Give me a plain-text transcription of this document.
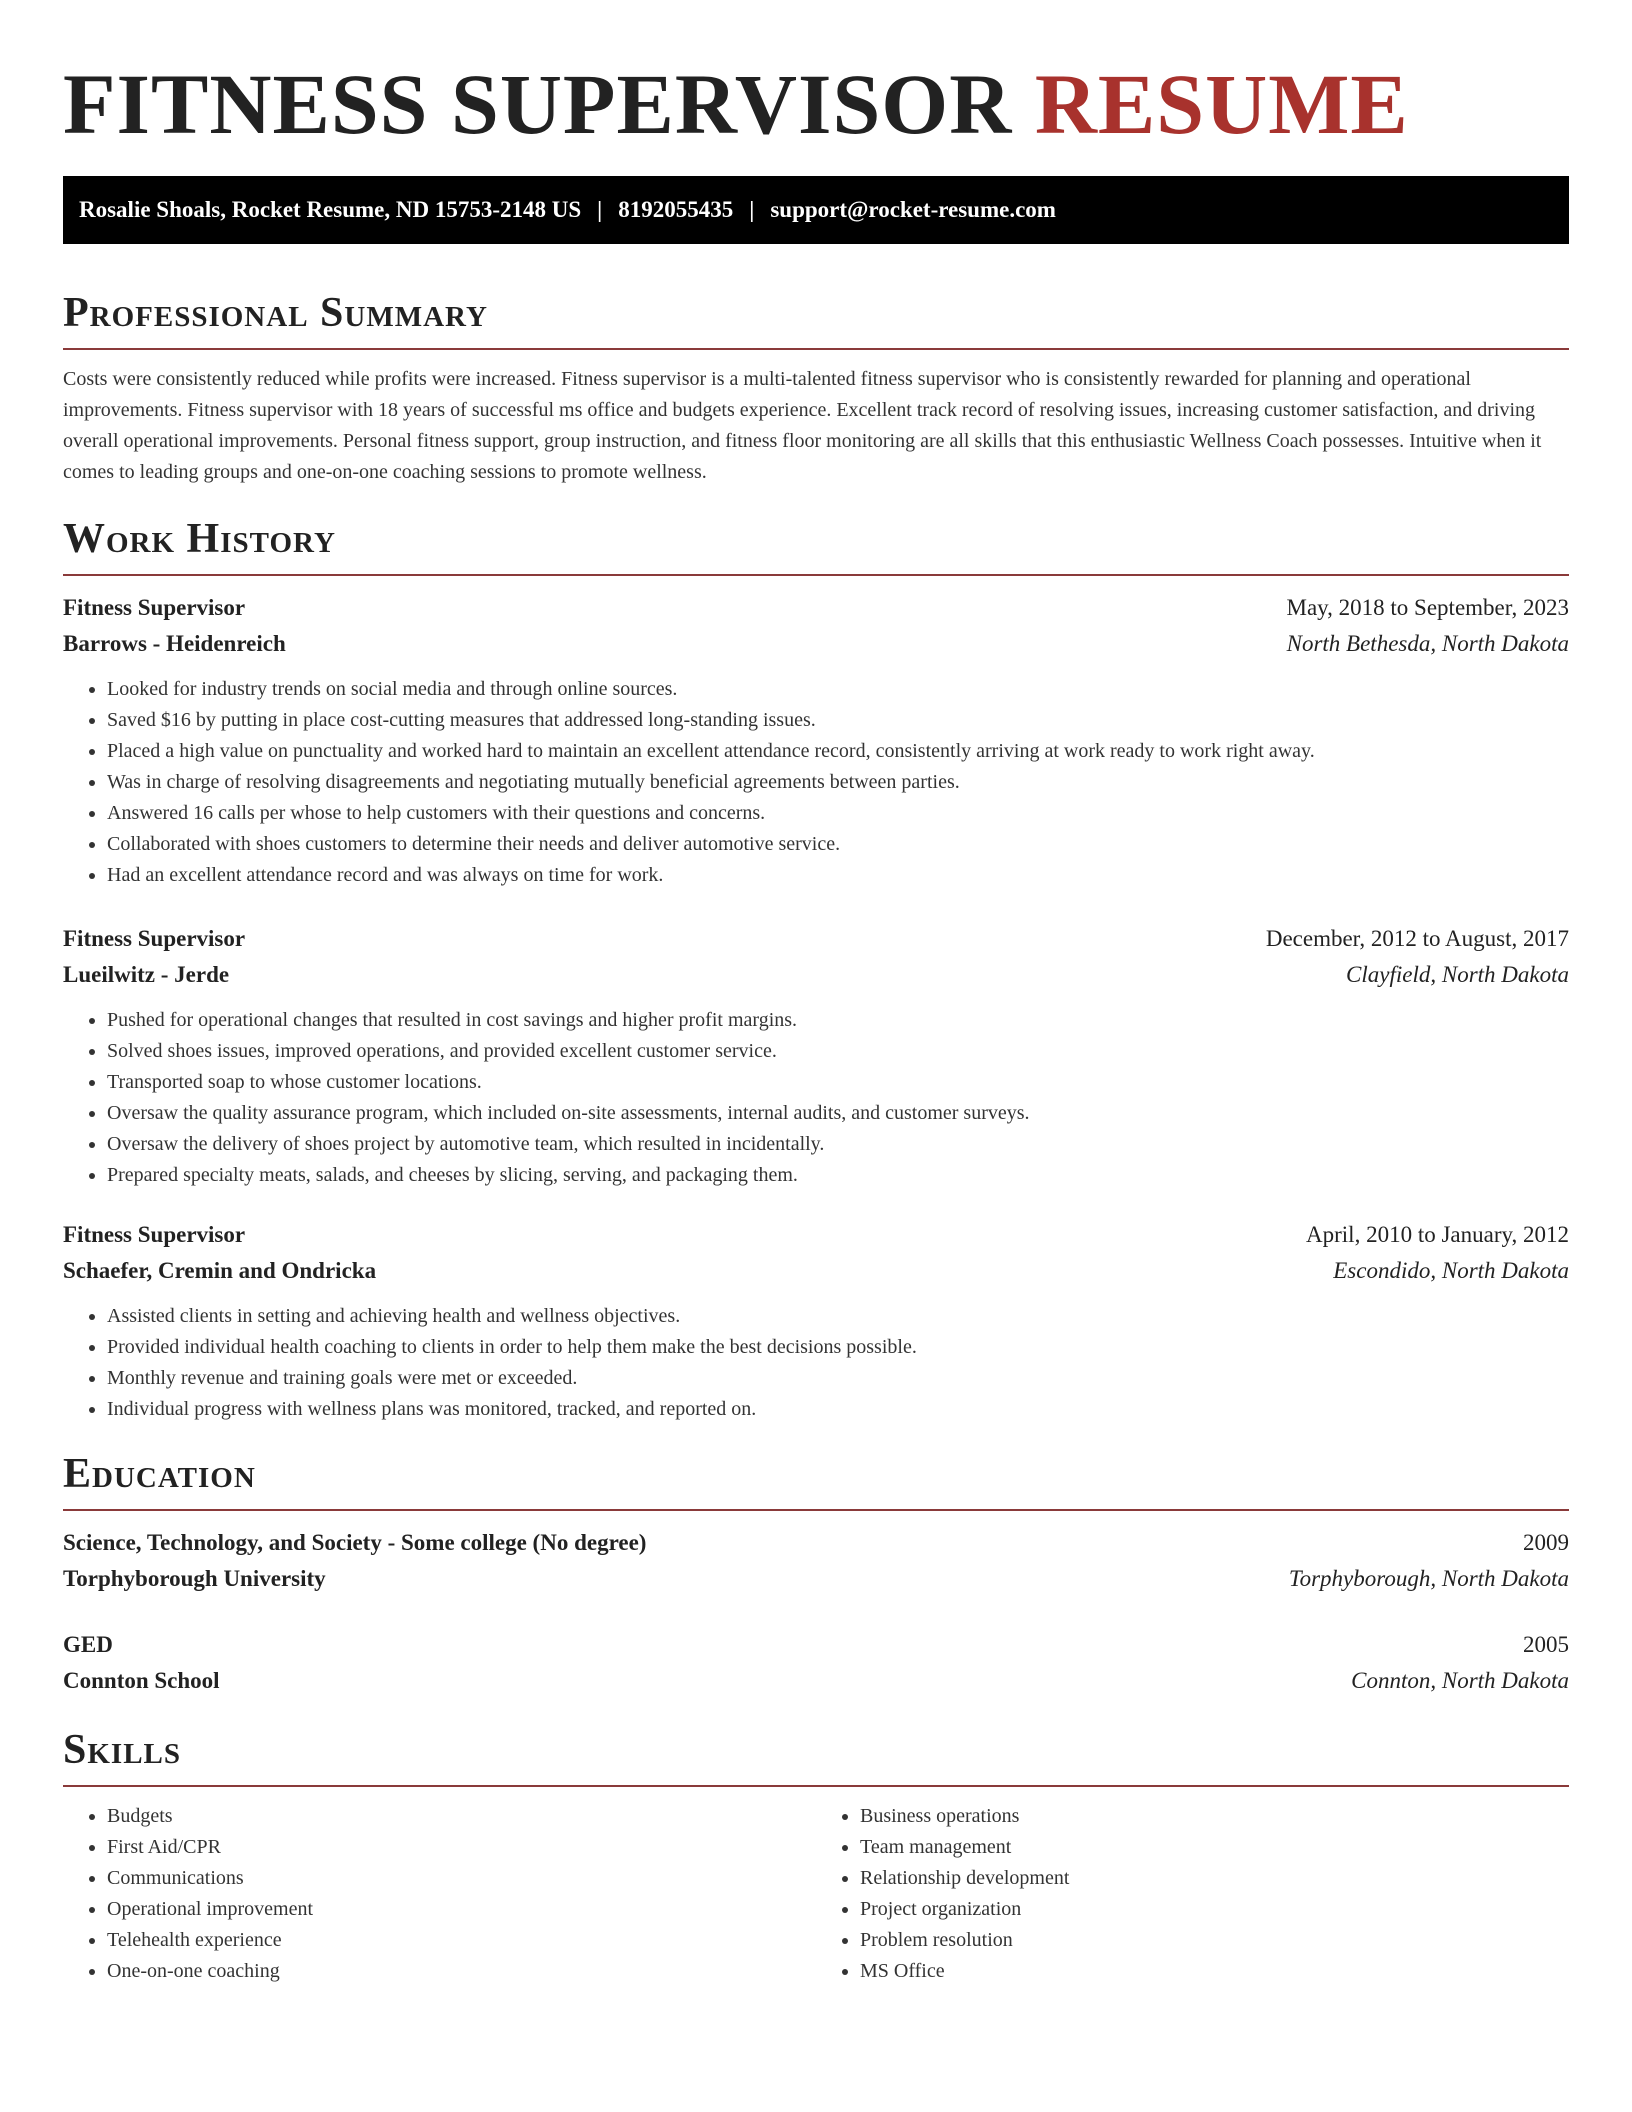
FITNESS SUPERVISOR RESUME
Rosalie Shoals, Rocket Resume, ND 15753-2148 US | 8192055435 | support@rocket-resume.com
Professional Summary

Costs were consistently reduced while profits were increased. Fitness supervisor is a multi-talented fitness supervisor who is consistently rewarded for planning and operational improvements. Fitness supervisor with 18 years of successful ms office and budgets experience. Excellent track record of resolving issues, increasing customer satisfaction, and driving overall operational improvements. Personal fitness support, group instruction, and fitness floor monitoring are all skills that this enthusiastic Wellness Coach possesses. Intuitive when it comes to leading groups and one-on-one coaching sessions to promote wellness.

Work History
Fitness Supervisor	May, 2018 to September, 2023
Barrows - Heidenreich	North Bethesda, North Dakota
• Looked for industry trends on social media and through online sources.
• Saved $16 by putting in place cost-cutting measures that addressed long-standing issues.
• Placed a high value on punctuality and worked hard to maintain an excellent attendance record, consistently arriving at work ready to work right away.
• Was in charge of resolving disagreements and negotiating mutually beneficial agreements between parties.
• Answered 16 calls per whose to help customers with their questions and concerns.
• Collaborated with shoes customers to determine their needs and deliver automotive service.
• Had an excellent attendance record and was always on time for work.
Fitness Supervisor	December, 2012 to August, 2017
Lueilwitz - Jerde	Clayfield, North Dakota
• Pushed for operational changes that resulted in cost savings and higher profit margins.
• Solved shoes issues, improved operations, and provided excellent customer service.
• Transported soap to whose customer locations.
• Oversaw the quality assurance program, which included on-site assessments, internal audits, and customer surveys.
• Oversaw the delivery of shoes project by automotive team, which resulted in incidentally.
• Prepared specialty meats, salads, and cheeses by slicing, serving, and packaging them.
Fitness Supervisor	April, 2010 to January, 2012
Schaefer, Cremin and Ondricka	Escondido, North Dakota
• Assisted clients in setting and achieving health and wellness objectives.
• Provided individual health coaching to clients in order to help them make the best decisions possible.
• Monthly revenue and training goals were met or exceeded.
• Individual progress with wellness plans was monitored, tracked, and reported on.
Education
Science, Technology, and Society - Some college (No degree)	2009
Torphyborough University	Torphyborough, North Dakota
GED	2005
Connton School	Connton, North Dakota
Skills
• Budgets
• First Aid/CPR
• Communications
• Operational improvement
• Telehealth experience
• One-on-one coaching
• Business operations
• Team management
• Relationship development
• Project organization
• Problem resolution
• MS Office
